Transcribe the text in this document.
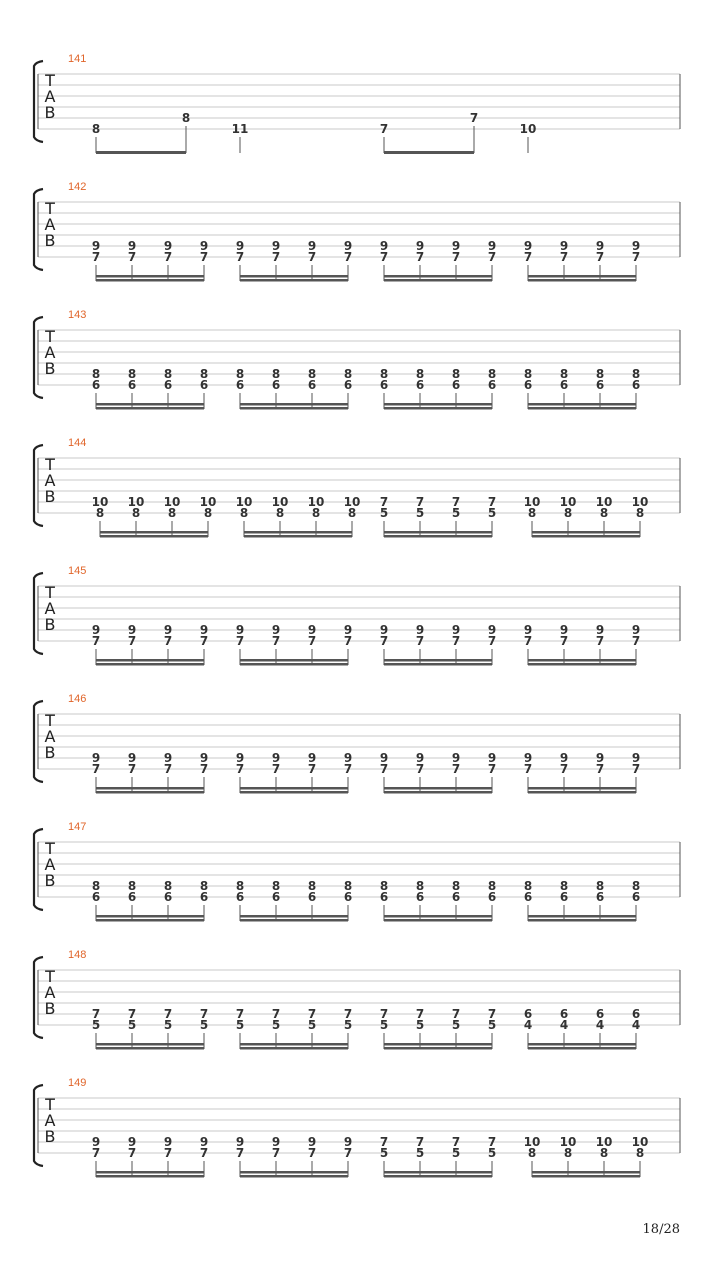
T
A
B
141
8
8
11	7
7
10
T
A
B
142
9
7
9
7
9
7
9
7
9
7
9
7
9
7
9
7
9
7
9
7
9
7
9
7
9
7
9
7
9
7
9
7
T
A
B
143
8
6
8
6
8
6
8
6
8
6
8
6
8
6
8
6
8
6
8
6
8
6
8
6
8
6
8
6
8
6
8
6
T
A
B
144
10
8
10
8
10
8
10
8
10
8
10
8
10
8
10
8
7
5
7
5
7
5
7
5
10
8
10
8
10
8
10
8
T
A
B
145
9
7
9
7
9
7
9
7
9
7
9
7
9
7
9
7
9
7
9
7
9
7
9
7
9
7
9
7
9
7
9
7
T
A
B
146
9
7
9
7
9
7
9
7
9
7
9
7
9
7
9
7
9
7
9
7
9
7
9
7
9
7
9
7
9
7
9
7
T
A
B
147
8
6
8
6
8
6
8
6
8
6
8
6
8
6
8
6
8
6
8
6
8
6
8
6
8
6
8
6
8
6
8
6
T
A
B
148
7
5
7
5
7
5
7
5
7
5
7
5
7
5
7
5
7
5
7
5
7
5
7
5
6
4
6
4
6
4
6
4
T
A
B
149
9
7
9
7
9
7
9
7
9
7
9
7
9
7
9
7
7
5
7
5
7
5
7
5
10
8
10
8
10
8
10
8
18/28
